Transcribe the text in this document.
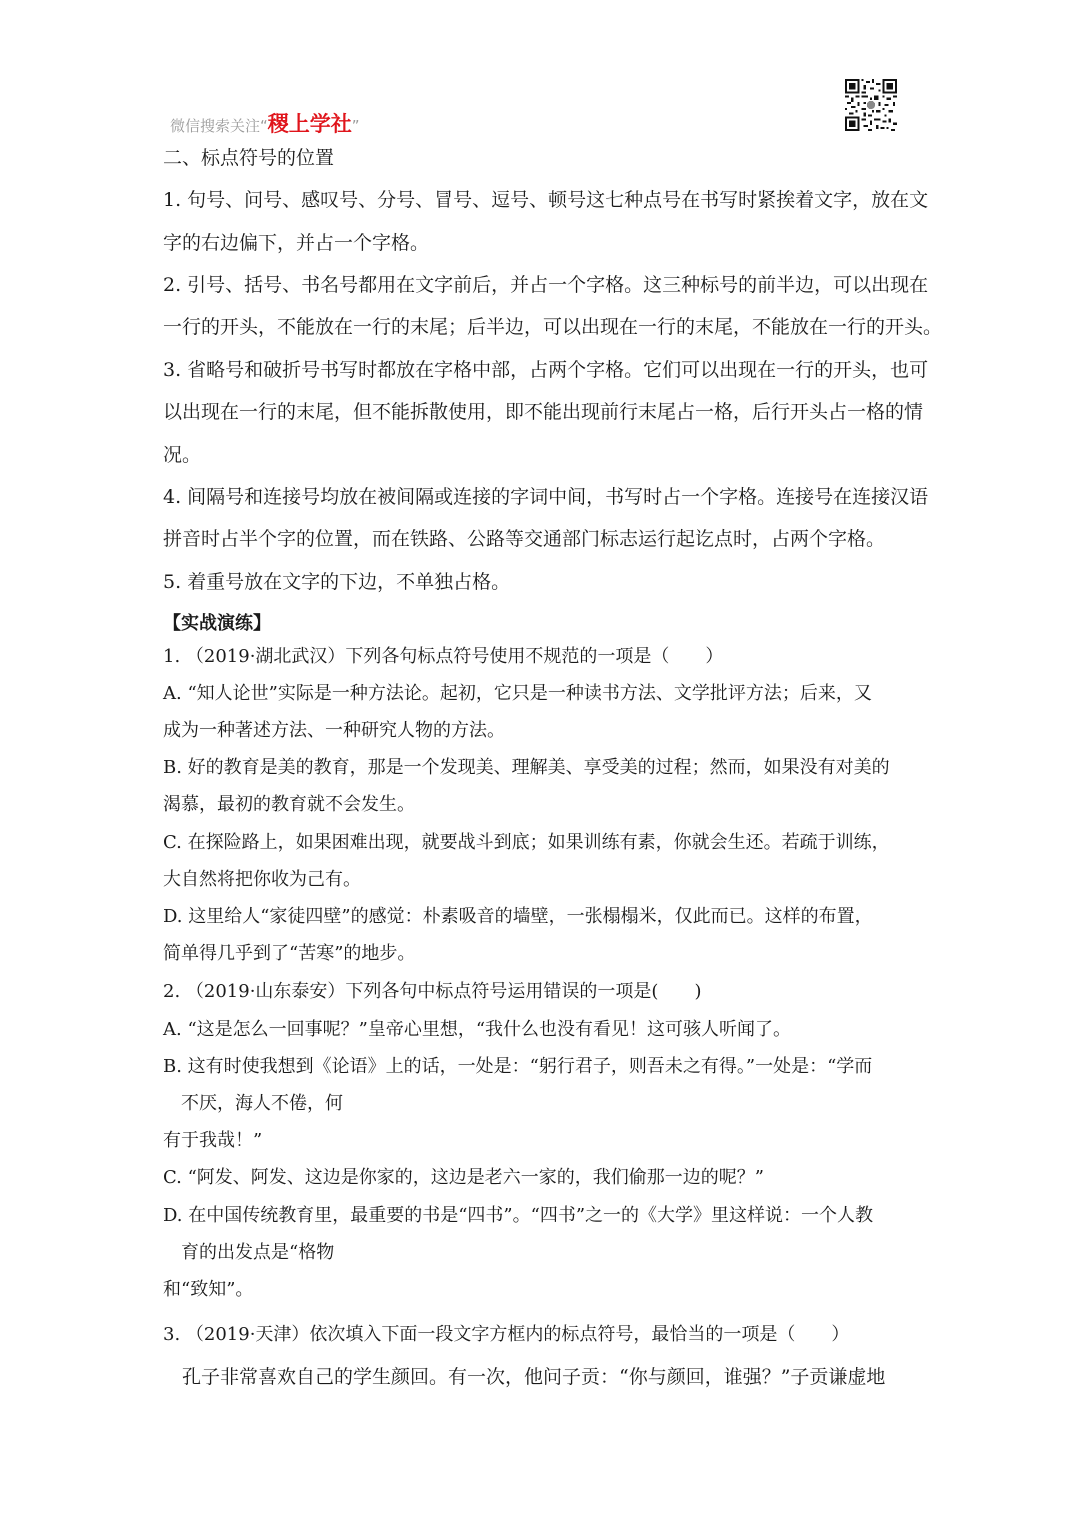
微信搜索关注“稷上学社”
二、标点符号的位置
1. 句号、问号、感叹号、分号、冒号、逗号、顿号这七种点号在书写时紧挨着文字，放在文
字的右边偏下，并占一个字格。
2. 引号、括号、书名号都用在文字前后，并占一个字格。这三种标号的前半边，可以出现在
一行的开头，不能放在一行的末尾；后半边，可以出现在一行的末尾，不能放在一行的开头。
3. 省略号和破折号书写时都放在字格中部，占两个字格。它们可以出现在一行的开头，也可
以出现在一行的末尾，但不能拆散使用，即不能出现前行末尾占一格，后行开头占一格的情
况。
4. 间隔号和连接号均放在被间隔或连接的字词中间，书写时占一个字格。连接号在连接汉语
拼音时占半个字的位置，而在铁路、公路等交通部门标志运行起讫点时，占两个字格。
5. 着重号放在文字的下边，不单独占格。
【实战演练】
1. （2019·湖北武汉）下列各句标点符号使用不规范的一项是（　　）
A. “知人论世”实际是一种方法论。起初，它只是一种读书方法、文学批评方法；后来，又
成为一种著述方法、一种研究人物的方法。
B. 好的教育是美的教育，那是一个发现美、理解美、享受美的过程；然而，如果没有对美的
渴慕，最初的教育就不会发生。
C. 在探险路上，如果困难出现，就要战斗到底；如果训练有素，你就会生还。若疏于训练，
大自然将把你收为己有。
D. 这里给人“家徒四壁”的感觉：朴素吸音的墙壁，一张榻榻米，仅此而已。这样的布置，
简单得几乎到了“苦寒”的地步。
2. （2019·山东泰安）下列各句中标点符号运用错误的一项是(　　)
A. “这是怎么一回事呢？”皇帝心里想，“我什么也没有看见！这可骇人听闻了。
B. 这有时使我想到《论语》上的话，一处是：“躬行君子，则吾未之有得。”一处是：“学而
　不厌，海人不倦，何
有于我哉！”
C. “阿发、阿发、这边是你家的，这边是老六一家的，我们偷那一边的呢？”
D. 在中国传统教育里，最重要的书是“四书”。“四书”之一的《大学》里这样说：一个人教
　育的出发点是“格物
和“致知”。
3. （2019·天津）依次填入下面一段文字方框内的标点符号，最恰当的一项是（　　）
　孔子非常喜欢自己的学生颜回。有一次，他问子贡：“你与颜回，谁强？”子贡谦虚地
